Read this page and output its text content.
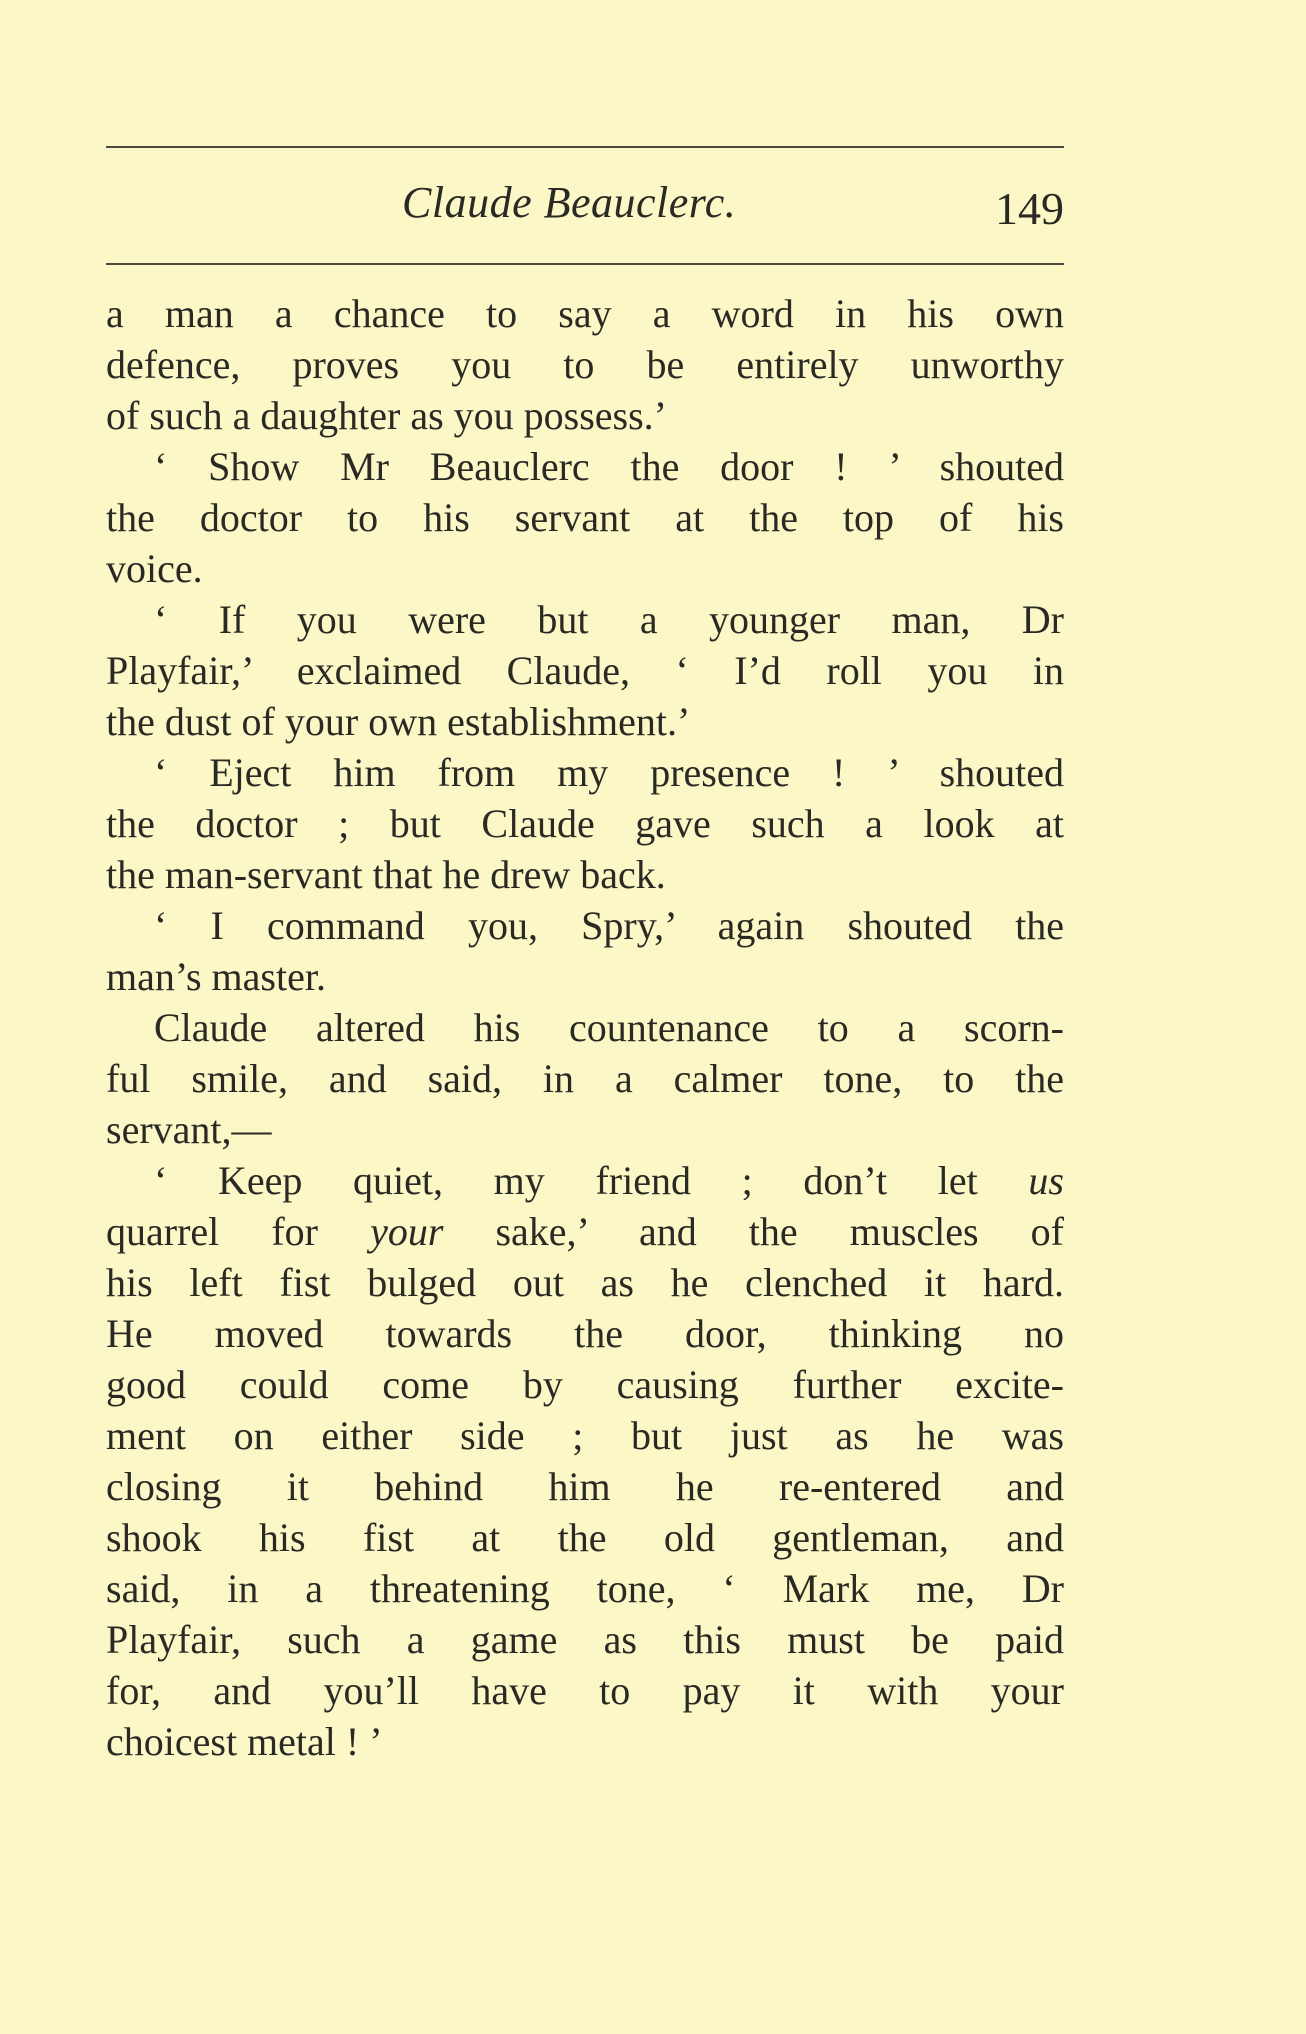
Claude Beauclerc.	149
a man a chance to say a word in his own
defence, proves you to be entirely unworthy
of such a daughter as you possess.’
‘ Show Mr Beauclerc the door ! ’ shouted
the doctor to his servant at the top of his
voice.
‘ If you were but a younger man, Dr
Playfair,’ exclaimed Claude, ‘ I’d roll you in
the dust of your own establishment.’
‘ Eject him from my presence ! ’ shouted
the doctor ; but Claude gave such a look at
the man-servant that he drew back.
‘ I command you, Spry,’ again shouted the
man’s master.
Claude altered his countenance to a scorn-
ful smile, and said, in a calmer tone, to the
servant,—
‘ Keep quiet, my friend ; don’t let us
quarrel for your sake,’ and the muscles of
his left fist bulged out as he clenched it hard.
He moved towards the door, thinking no
good could come by causing further excite-
ment on either side ; but just as he was
closing it behind him he re-entered and
shook his fist at the old gentleman, and
said, in a threatening tone, ‘ Mark me, Dr
Playfair, such a game as this must be paid
for, and you’ll have to pay it with your
choicest metal ! ’
